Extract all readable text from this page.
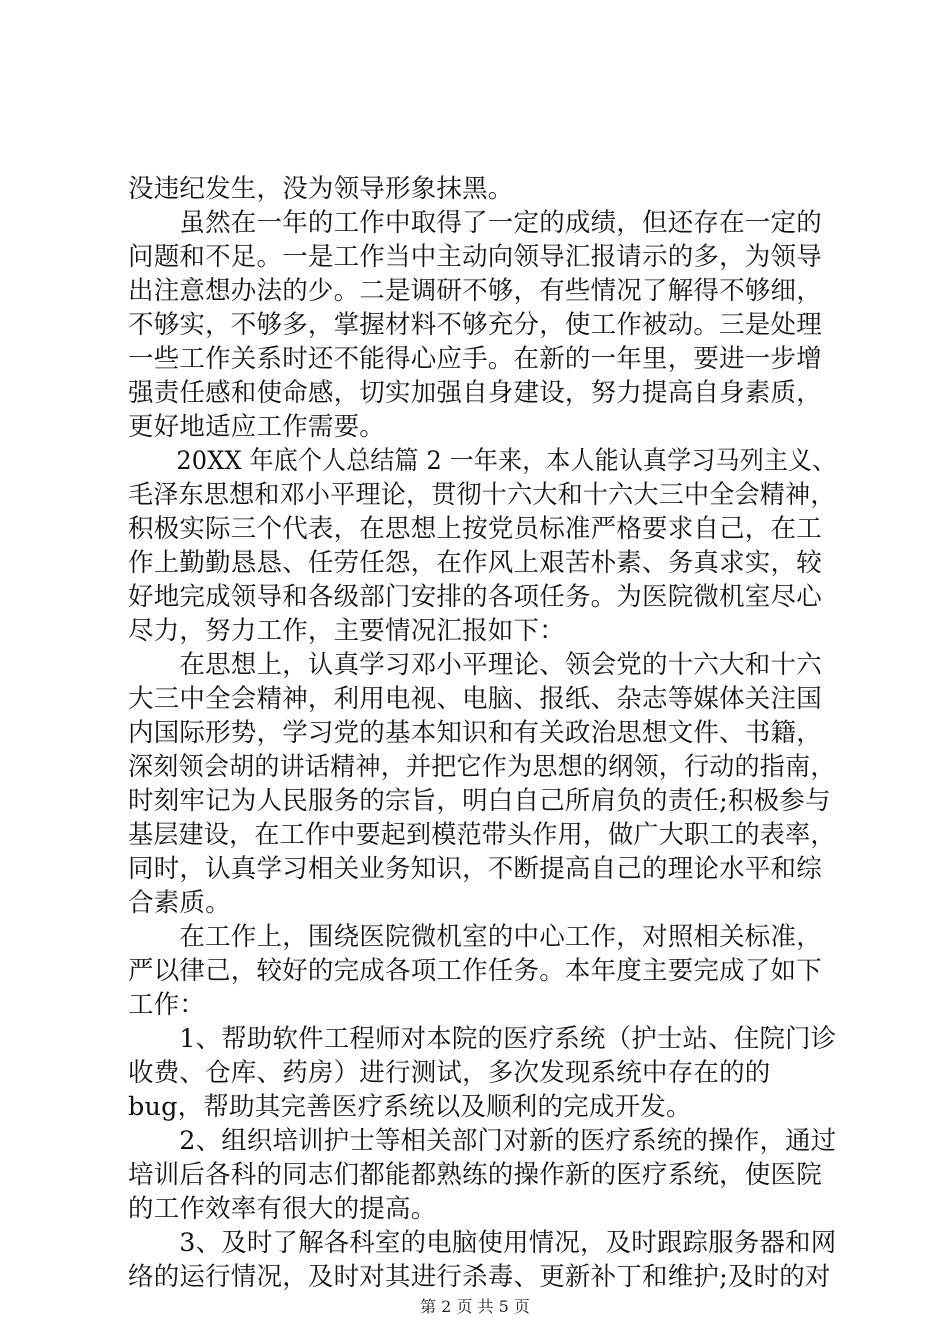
没违纪发生，没为领导形象抹黑。
　　虽然在一年的工作中取得了一定的成绩，但还存在一定的
问题和不足。一是工作当中主动向领导汇报请示的多，为领导
出注意想办法的少。二是调研不够，有些情况了解得不够细，
不够实，不够多，掌握材料不够充分，使工作被动。三是处理
一些工作关系时还不能得心应手。在新的一年里，要进一步增
强责任感和使命感，切实加强自身建设，努力提高自身素质，
更好地适应工作需要。
　　20XX 年底个人总结篇 2 一年来，本人能认真学习马列主义、
毛泽东思想和邓小平理论，贯彻十六大和十六大三中全会精神，
积极实际三个代表，在思想上按党员标准严格要求自己，在工
作上勤勤恳恳、任劳任怨，在作风上艰苦朴素、务真求实，较
好地完成领导和各级部门安排的各项任务。为医院微机室尽心
尽力，努力工作，主要情况汇报如下：
　　在思想上，认真学习邓小平理论、领会党的十六大和十六
大三中全会精神，利用电视、电脑、报纸、杂志等媒体关注国
内国际形势，学习党的基本知识和有关政治思想文件、书籍，
深刻领会胡的讲话精神，并把它作为思想的纲领，行动的指南，
时刻牢记为人民服务的宗旨，明白自己所肩负的责任;积极参与
基层建设，在工作中要起到模范带头作用，做广大职工的表率，
同时，认真学习相关业务知识，不断提高自己的理论水平和综
合素质。
　　在工作上，围绕医院微机室的中心工作，对照相关标准，
严以律己，较好的完成各项工作任务。本年度主要完成了如下
工作：
　　1、帮助软件工程师对本院的医疗系统（护士站、住院门诊
收费、仓库、药房）进行测试，多次发现系统中存在的的
bug，帮助其完善医疗系统以及顺利的完成开发。
　　2、组织培训护士等相关部门对新的医疗系统的操作，通过
培训后各科的同志们都能都熟练的操作新的医疗系统，使医院
的工作效率有很大的提高。
　　3、及时了解各科室的电脑使用情况，及时跟踪服务器和网
络的运行情况，及时对其进行杀毒、更新补丁和维护;及时的对
第 2 页 共 5 页
